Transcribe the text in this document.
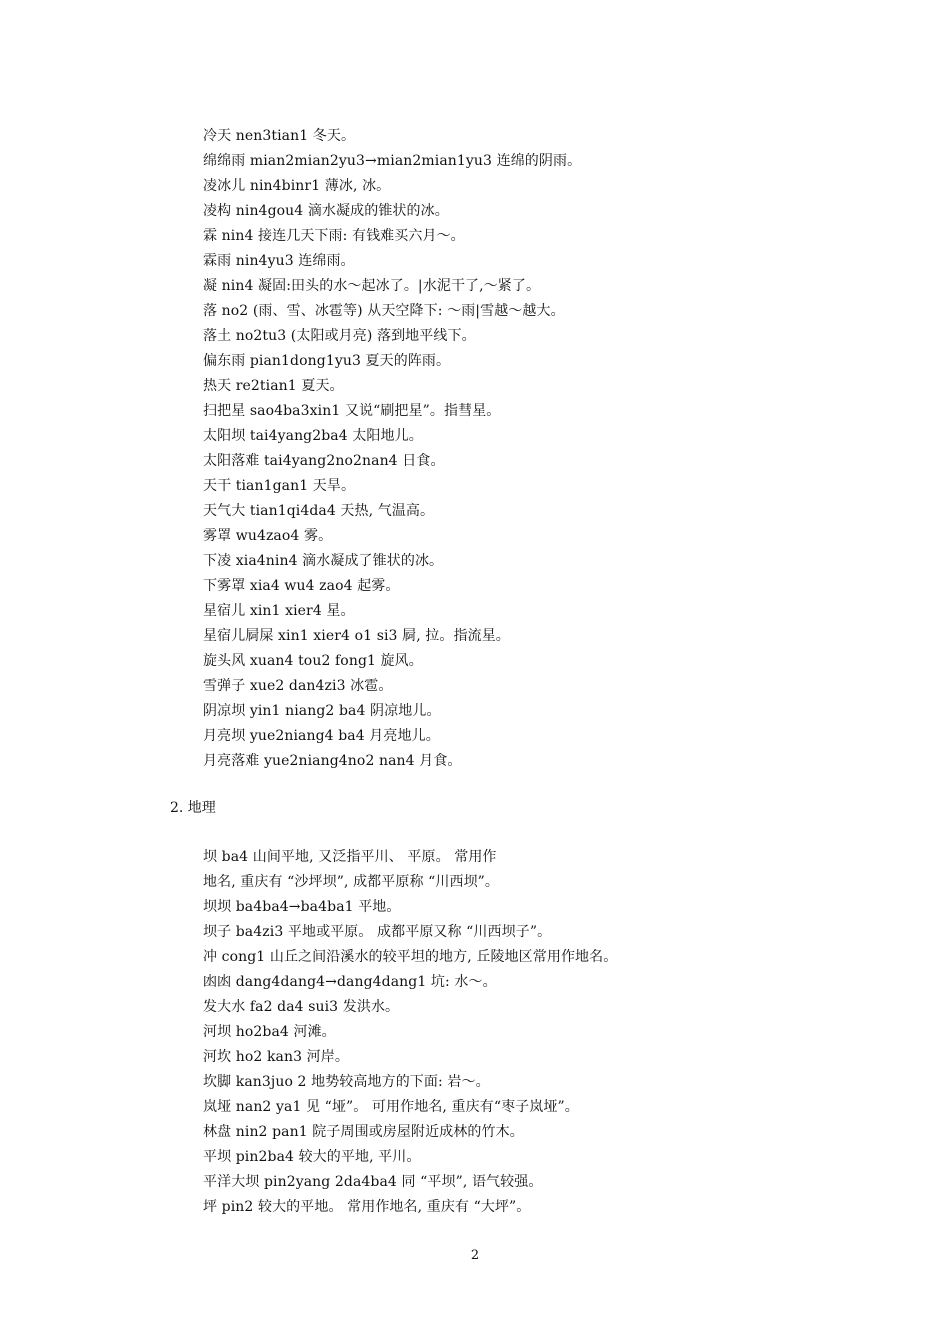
冷天 nen3tian1 冬天。
绵绵雨 mian2mian2yu3→mian2mian1yu3 连绵的阴雨。
凌冰儿 nin4binr1 薄冰, 冰。
凌构 nin4gou4 滴水凝成的锥状的冰。
霖 nin4 接连几天下雨: 有钱难买六月～。
霖雨 nin4yu3 连绵雨。
凝 nin4 凝固:田头的水～起冰了。|水泥干了,～紧了。
落 no2 (雨、雪、冰雹等) 从天空降下: ～雨|雪越～越大。
落土 no2tu3 (太阳或月亮) 落到地平线下。
偏东雨 pian1dong1yu3 夏天的阵雨。
热天 re2tian1 夏天。
扫把星 sao4ba3xin1 又说“刷把星”。指彗星。
太阳坝 tai4yang2ba4 太阳地儿。
太阳落难 tai4yang2no2nan4 日食。
天干 tian1gan1 天旱。
天气大 tian1qi4da4 天热, 气温高。
雾罩 wu4zao4 雾。
下凌 xia4nin4 滴水凝成了锥状的冰。
下雾罩 xia4 wu4 zao4 起雾。
星宿儿 xin1 xier4 星。
星宿儿屙屎 xin1 xier4 o1 si3 屙, 拉。指流星。
旋头风 xuan4 tou2 fong1 旋风。
雪弹子 xue2 dan4zi3 冰雹。
阴凉坝 yin1 niang2 ba4 阴凉地儿。
月亮坝 yue2niang4 ba4 月亮地儿。
月亮落难 yue2niang4no2 nan4 月食。
2. 地理
坝 ba4 山间平地, 又泛指平川、 平原。 常用作
地名, 重庆有 “沙坪坝”, 成都平原称 “川西坝”。
坝坝 ba4ba4→ba4ba1 平地。
坝子 ba4zi3 平地或平原。 成都平原又称 “川西坝子”。
冲 cong1 山丘之间沿溪水的较平坦的地方, 丘陵地区常用作地名。
凼凼 dang4dang4→dang4dang1 坑: 水～。
发大水 fa2 da4 sui3 发洪水。
河坝 ho2ba4 河滩。
河坎 ho2 kan3 河岸。
坎脚 kan3juo 2 地势较高地方的下面: 岩～。
岚垭 nan2 ya1 见 “垭”。 可用作地名, 重庆有“枣子岚垭”。
林盘 nin2 pan1 院子周围或房屋附近成林的竹木。
平坝 pin2ba4 较大的平地, 平川。
平洋大坝 pin2yang 2da4ba4 同 “平坝”, 语气较强。
坪 pin2 较大的平地。 常用作地名, 重庆有 “大坪”。
2
